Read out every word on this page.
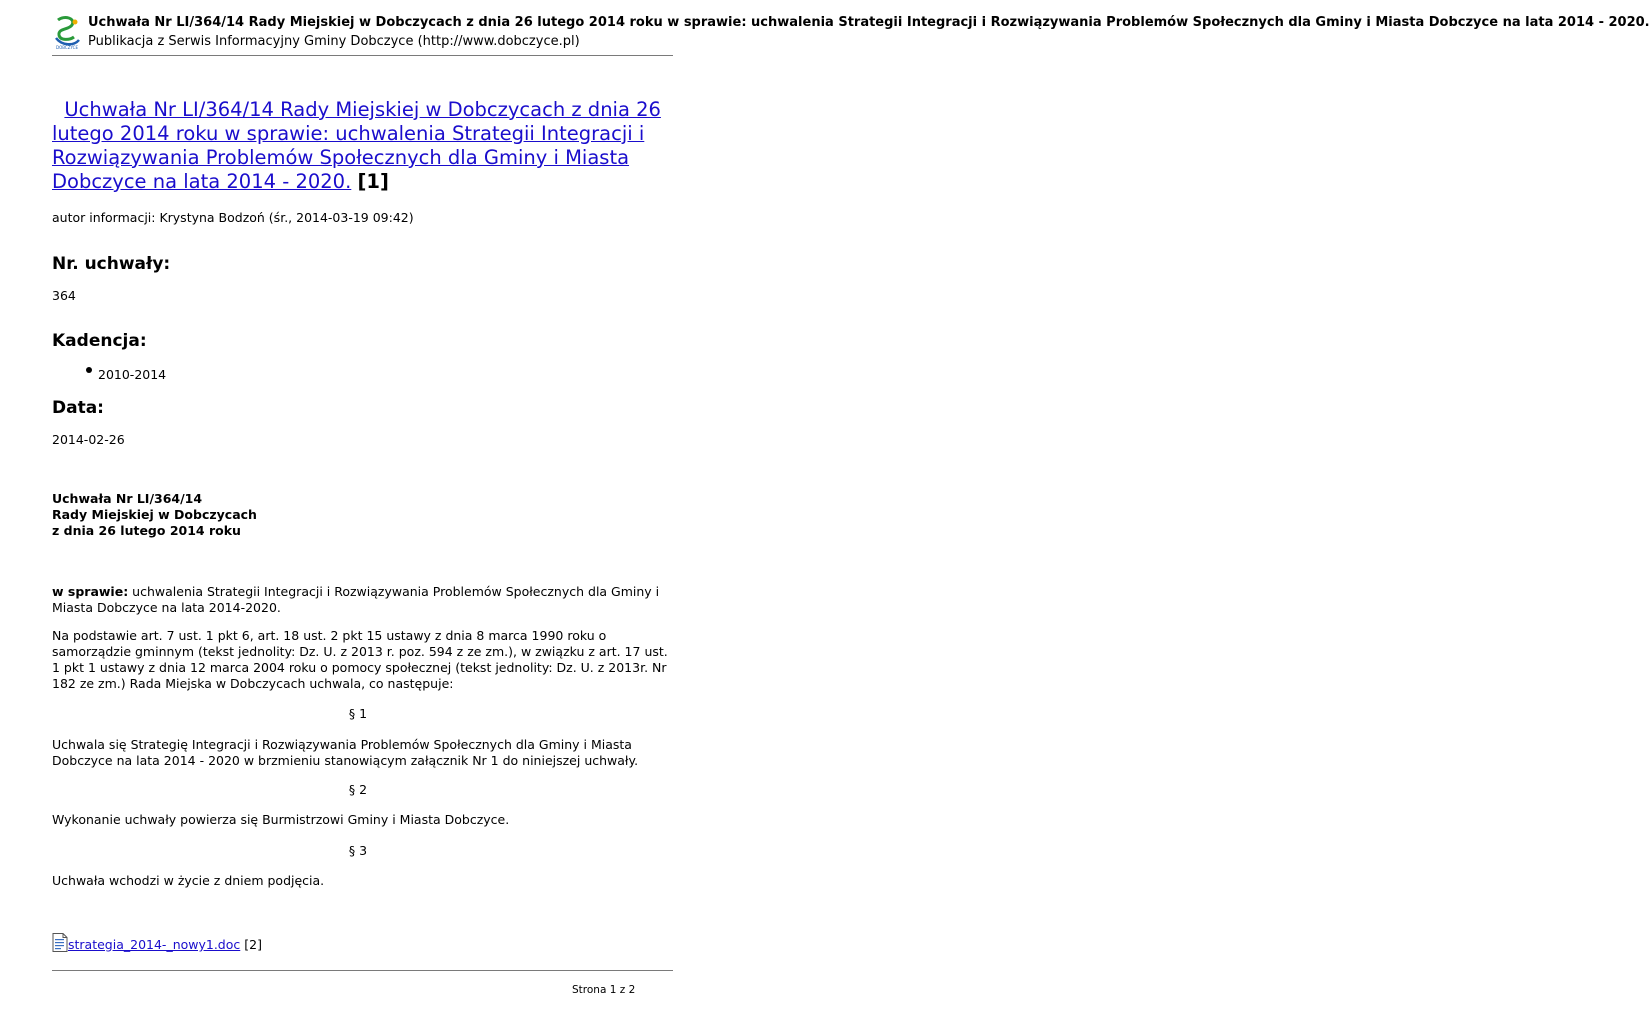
DOBCZYCE
Uchwała Nr LI/364/14 Rady Miejskiej w Dobczycach z dnia 26 lutego 2014 roku w sprawie: uchwalenia Strategii Integracji i Rozwiązywania Problemów Społecznych dla Gminy i Miasta Dobczyce na lata 2014 - 2020.
Publikacja z Serwis Informacyjny Gminy Dobczyce (http://www.dobczyce.pl)
Uchwała Nr LI/364/14 Rady Miejskiej w Dobczycach z dnia 26 lutego 2014 roku w sprawie: uchwalenia Strategii Integracji i Rozwiązywania Problemów Społecznych dla Gminy i Miasta Dobczyce na lata 2014 - 2020. [1]
autor informacji: Krystyna Bodzoń (śr., 2014-03-19 09:42)
Nr. uchwały:
364
Kadencja:
2010-2014
Data:
2014-02-26
Uchwała Nr LI/364/14
Rady Miejskiej w Dobczycach
z dnia 26 lutego 2014 roku
w sprawie: uchwalenia Strategii Integracji i Rozwiązywania Problemów Społecznych dla Gminy i Miasta Dobczyce na lata 2014-2020.
Na podstawie art. 7 ust. 1 pkt 6, art. 18 ust. 2 pkt 15 ustawy z dnia 8 marca 1990 roku o samorządzie gminnym (tekst jednolity: Dz. U. z 2013 r. poz. 594 z ze zm.), w związku z art. 17 ust. 1 pkt 1 ustawy z dnia 12 marca 2004 roku o pomocy społecznej (tekst jednolity: Dz. U. z 2013r. Nr 182 ze zm.) Rada Miejska w Dobczycach uchwala, co następuje:
§ 1
Uchwala się Strategię Integracji i Rozwiązywania Problemów Społecznych dla Gminy i Miasta Dobczyce na lata 2014 - 2020 w brzmieniu stanowiącym załącznik Nr 1 do niniejszej uchwały.
§ 2
Wykonanie uchwały powierza się Burmistrzowi Gminy i Miasta Dobczyce.
§ 3
Uchwała wchodzi w życie z dniem podjęcia.
strategia_2014-_nowy1.doc [2]
Strona 1 z 2
